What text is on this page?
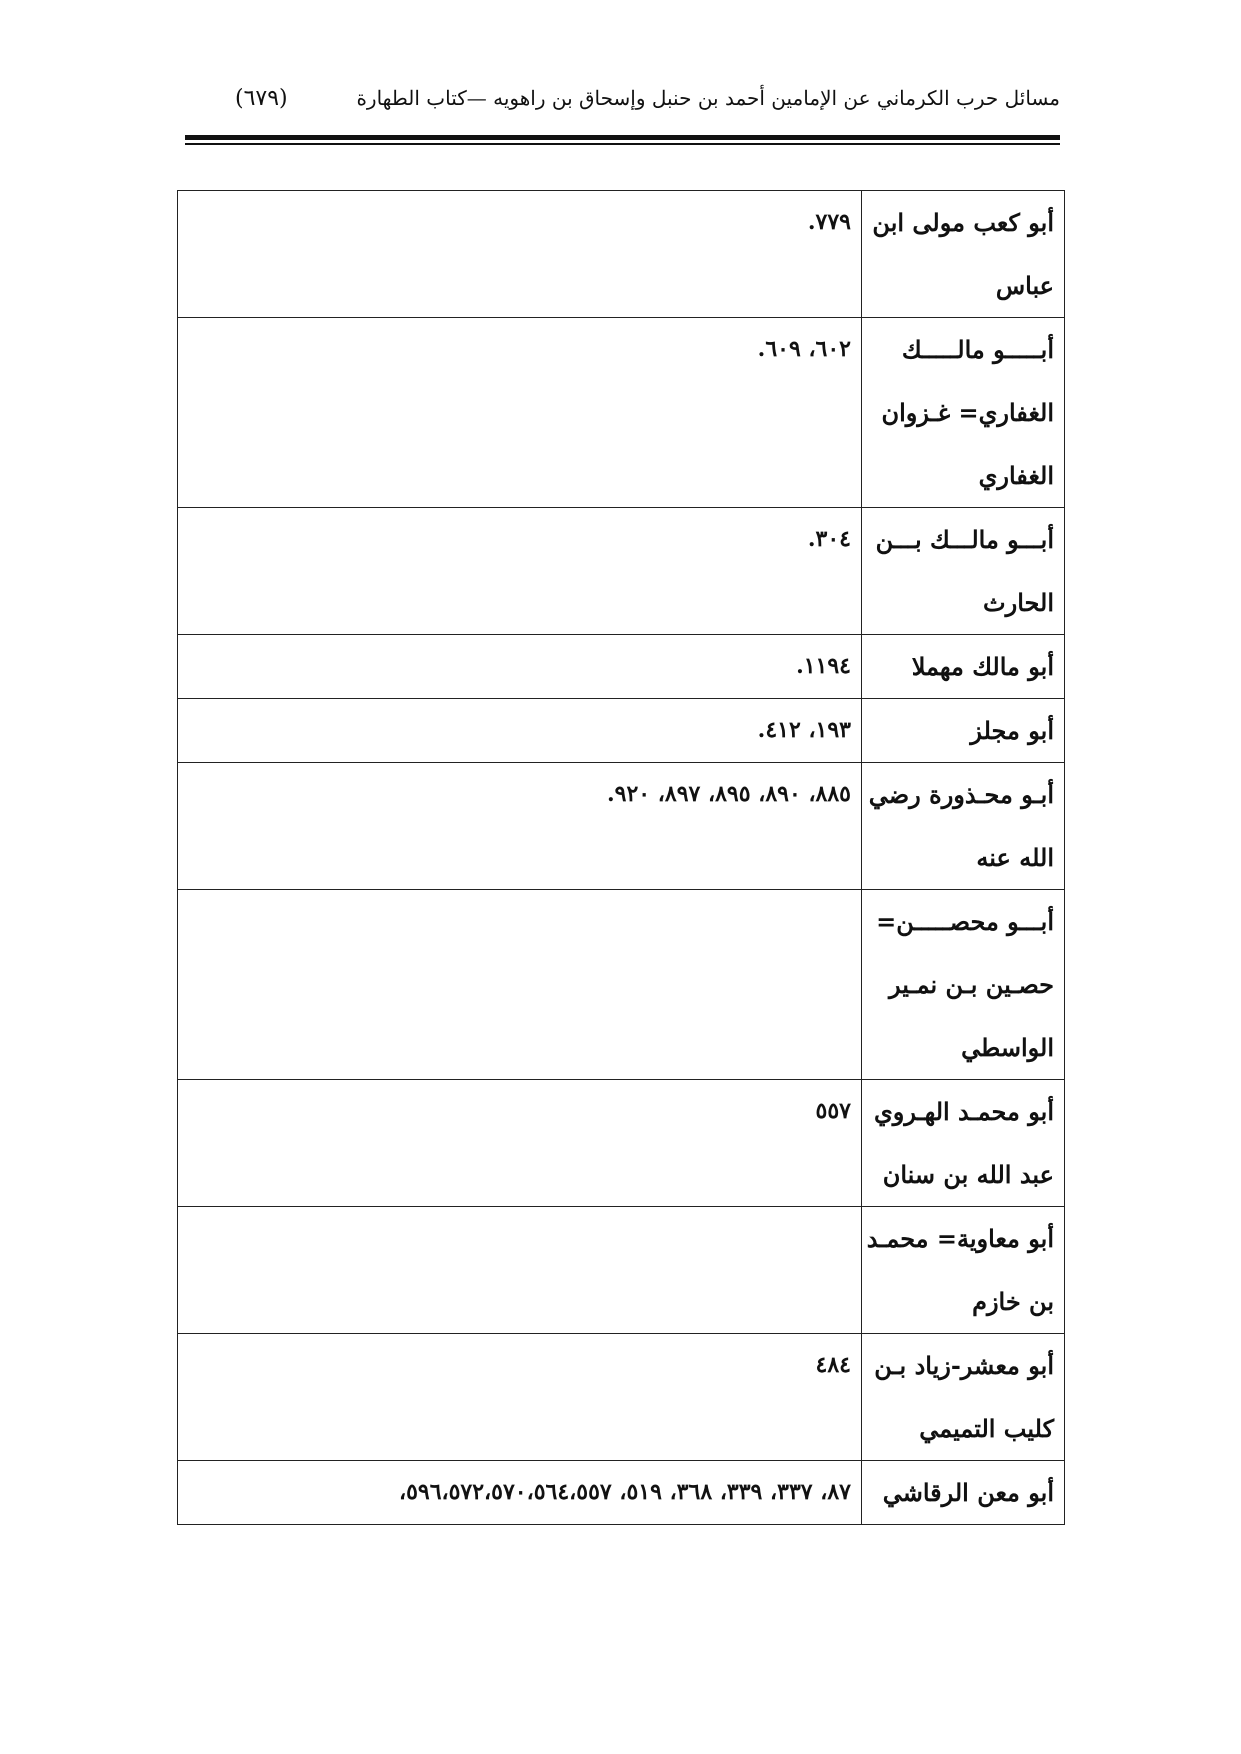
مسائل حرب الكرماني عن الإمامين أحمد بن حنبل وإسحاق بن راهويه —كتاب الطهارة
(٦٧٩)
أبو كعب مولى ابن
عباس	٧٧٩.

أبـــــو مالـــــك
الغفاري= غـزوان
الغفاري	٦٠٢، ٦٠٩.

أبـــو مالـــك بـــن
الحارث	٣٠٤.

أبو مالك مهملا	١١٩٤.

أبو مجلز	١٩٣، ٤١٢.

أبـو محـذورة رضي
الله عنه	٨٨٥، ٨٩٠، ٨٩٥، ٨٩٧، ٩٢٠.

أبـــو محصـــــن=
حصـين بـن نمـير
الواسطي	

أبو محمـد الهـروي
عبد الله بن سنان	٥٥٧

أبو معاوية= محمـد
بن خازم	

أبو معشر-زياد بـن
كليب التميمي	٤٨٤

أبو معن الرقاشي	٨٧، ٣٣٧، ٣٣٩، ٣٦٨، ٥١٩، ٥٩٦،٥٧٢،٥٧٠،٥٦٤،٥٥٧،
